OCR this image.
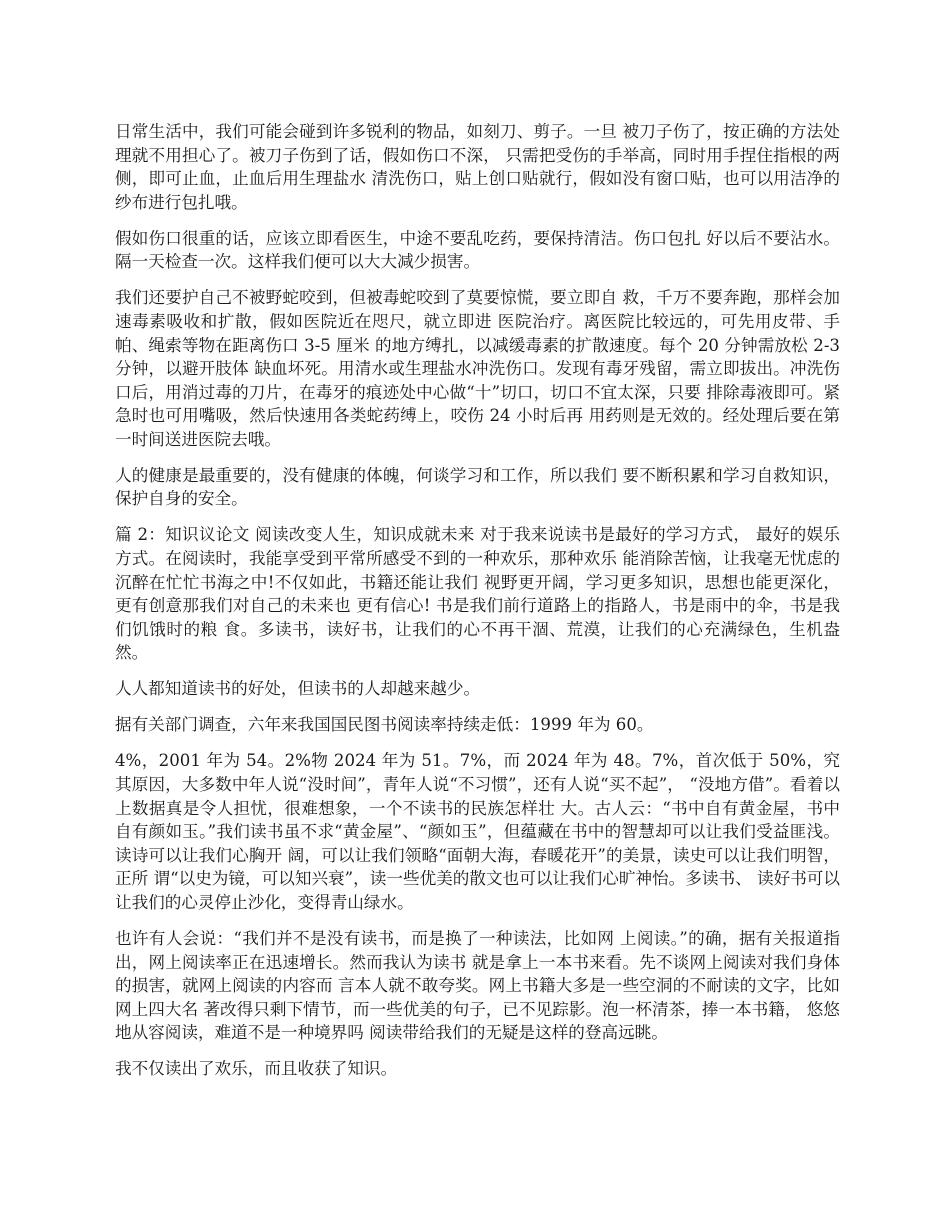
日常生活中，我们可能会碰到许多锐利的物品，如刻刀、剪子。一旦 被刀子伤了，按正确的方法处理就不用担心了。被刀子伤到了话，假如伤口不深， 只需把受伤的手举高，同时用手捏住指根的两侧，即可止血，止血后用生理盐水 清洗伤口，贴上创口贴就行，假如没有窗口贴，也可以用洁净的纱布进行包扎哦。

假如伤口很重的话，应该立即看医生，中途不要乱吃药，要保持清洁。伤口包扎 好以后不要沾水。隔一天检查一次。这样我们便可以大大减少损害。

我们还要护自己不被野蛇咬到，但被毒蛇咬到了莫要惊慌，要立即自 救，千万不要奔跑，那样会加速毒素吸收和扩散，假如医院近在咫尺，就立即进 医院治疗。离医院比较远的，可先用皮带、手帕、绳索等物在距离伤口 3-5 厘米 的地方缚扎，以减缓毒素的扩散速度。每个 20 分钟需放松 2-3 分钟，以避开肢体 缺血坏死。用清水或生理盐水冲洗伤口。发现有毒牙残留，需立即拔出。冲洗伤 口后，用消过毒的刀片，在毒牙的痕迹处中心做“十”切口，切口不宜太深，只要 排除毒液即可。紧急时也可用嘴吸，然后快速用各类蛇药缚上，咬伤 24 小时后再 用药则是无效的。经处理后要在第一时间送进医院去哦。

人的健康是最重要的，没有健康的体魄，何谈学习和工作，所以我们 要不断积累和学习自救知识，保护自身的安全。

篇 2：知识议论文 阅读改变人生，知识成就未来 对于我来说读书是最好的学习方式， 最好的娱乐方式。在阅读时，我能享受到平常所感受不到的一种欢乐，那种欢乐 能消除苦恼，让我毫无忧虑的沉醉在忙忙书海之中!不仅如此，书籍还能让我们 视野更开阔，学习更多知识，思想也能更深化，更有创意那我们对自己的未来也 更有信心! 书是我们前行道路上的指路人，书是雨中的伞，书是我们饥饿时的粮 食。多读书，读好书，让我们的心不再干涸、荒漠，让我们的心充满绿色，生机盎然。

人人都知道读书的好处，但读书的人却越来越少。

据有关部门调查，六年来我国国民图书阅读率持续走低：1999 年为 60。

4%，2001 年为 54。2%物 2024 年为 51。7%，而 2024 年为 48。7%，首次低于 50%，究其原因，大多数中年人说“没时间”，青年人说“不习惯”，还有人说“买不起”， “没地方借”。看着以上数据真是令人担忧，很难想象，一个不读书的民族怎样壮 大。古人云：“书中自有黄金屋，书中自有颜如玉。”我们读书虽不求“黄金屋”、“颜如玉”，但蕴藏在书中的智慧却可以让我们受益匪浅。读诗可以让我们心胸开 阔，可以让我们领略“面朝大海，春暖花开”的美景，读史可以让我们明智，正所 谓“以史为镜，可以知兴衰”，读一些优美的散文也可以让我们心旷神怡。多读书、 读好书可以让我们的心灵停止沙化，变得青山绿水。

也许有人会说：“我们并不是没有读书，而是换了一种读法，比如网 上阅读。”的确，据有关报道指出，网上阅读率正在迅速增长。然而我认为读书 就是拿上一本书来看。先不谈网上阅读对我们身体的损害，就网上阅读的内容而 言本人就不敢夸奖。网上书籍大多是一些空洞的不耐读的文字，比如网上四大名 著改得只剩下情节，而一些优美的句子，已不见踪影。泡一杯清茶，捧一本书籍， 悠悠地从容阅读，难道不是一种境界吗 阅读带给我们的无疑是这样的登高远眺。

我不仅读出了欢乐，而且收获了知识。
